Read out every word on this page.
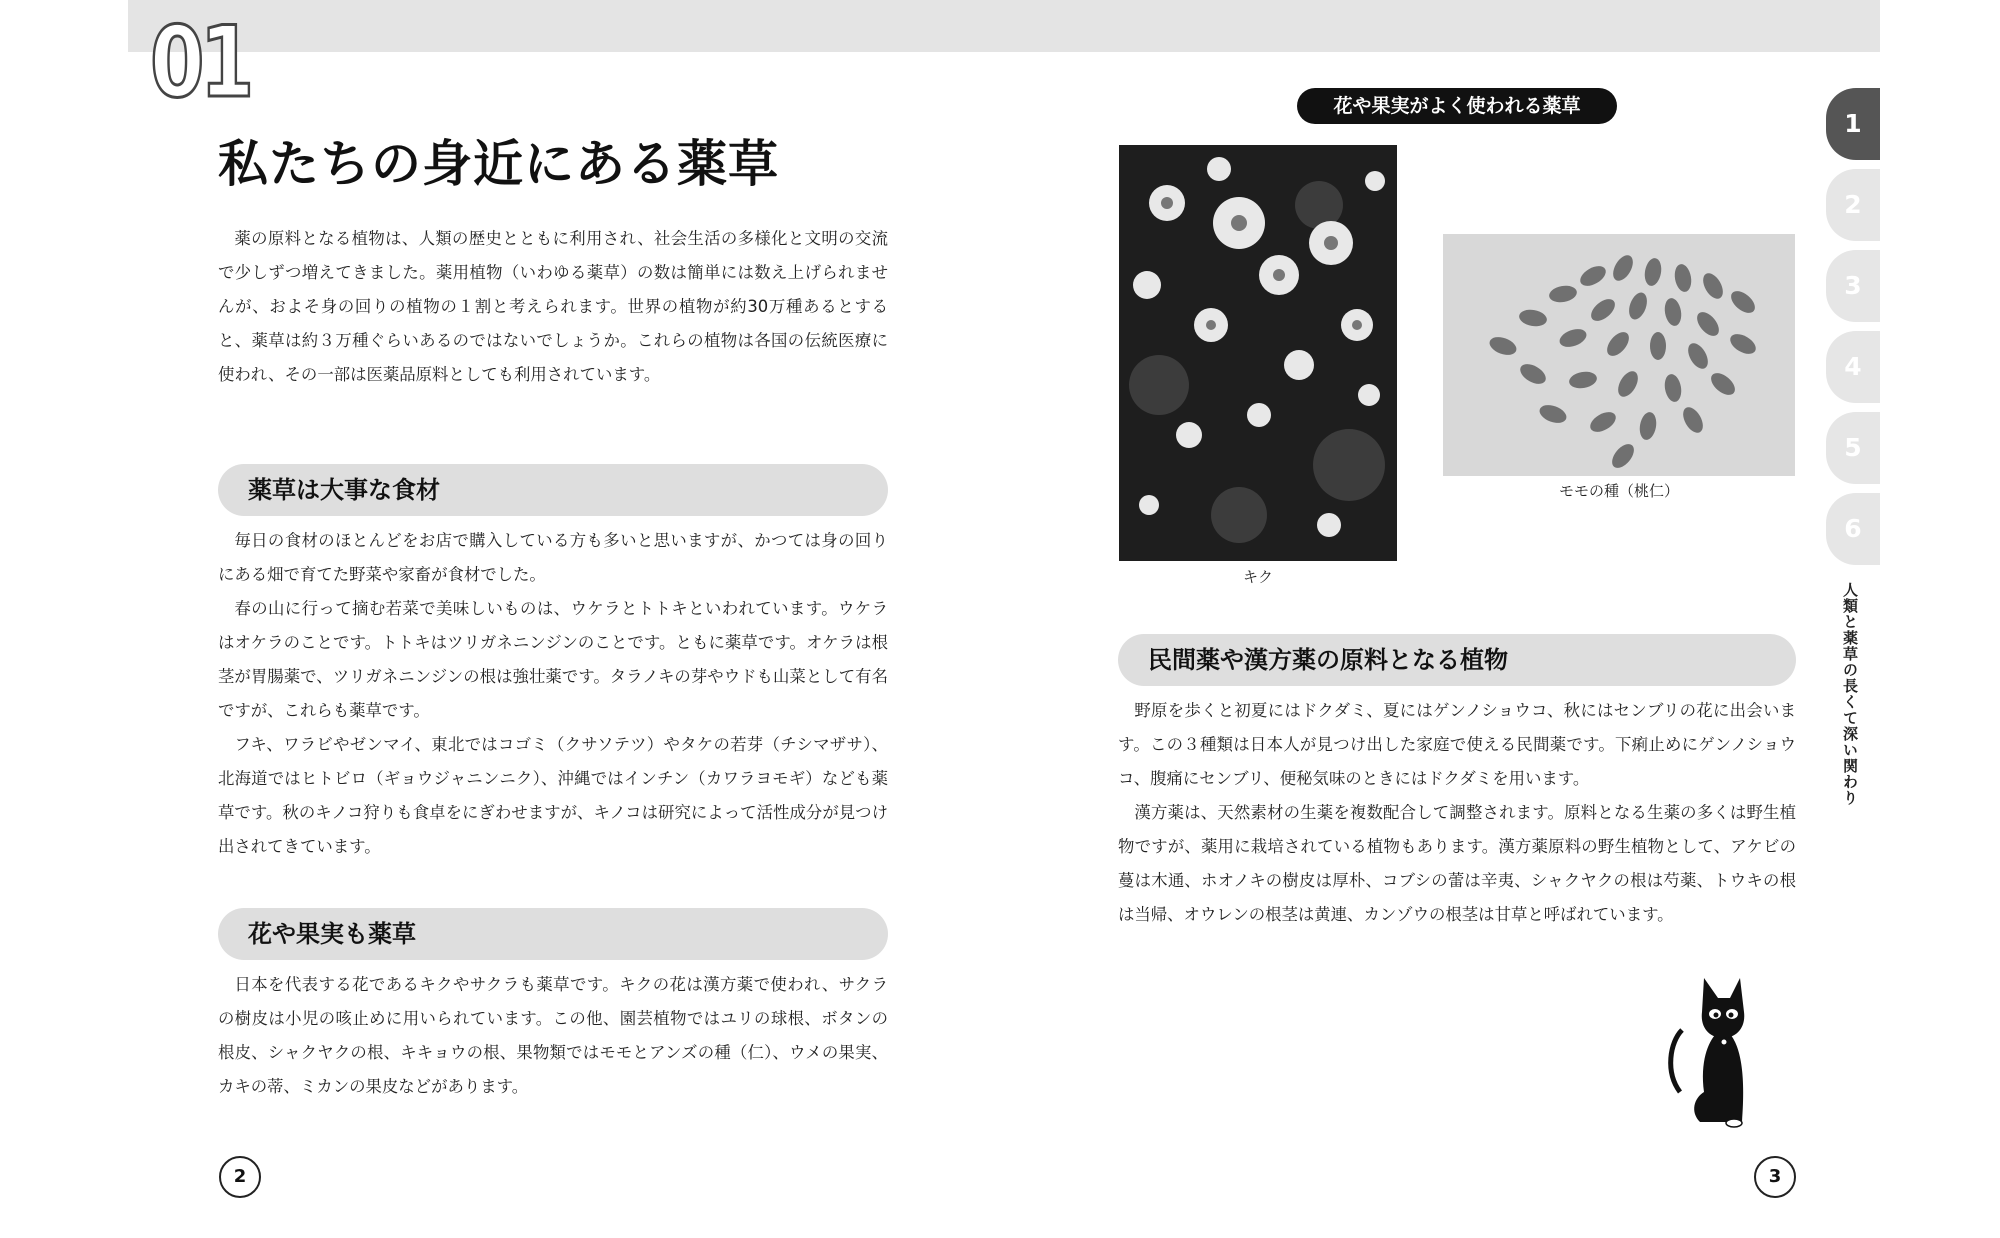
01
私たちの身近にある薬草

薬の原料となる植物は、人類の歴史とともに利用され、社会生活の多様化と文明の交流で少しずつ増えてきました。薬用植物（いわゆる薬草）の数は簡単には数え上げられませんが、およそ身の回りの植物の１割と考えられます。世界の植物が約30万種あるとすると、薬草は約３万種ぐらいあるのではないでしょうか。これらの植物は各国の伝統医療に使われ、その一部は医薬品原料としても利用されています。

薬草は大事な食材

毎日の食材のほとんどをお店で購入している方も多いと思いますが、かつては身の回りにある畑で育てた野菜や家畜が食材でした。

春の山に行って摘む若菜で美味しいものは、ウケラとトトキといわれています。ウケラはオケラのことです。トトキはツリガネニンジンのことです。ともに薬草です。オケラは根茎が胃腸薬で、ツリガネニンジンの根は強壮薬です。タラノキの芽やウドも山菜として有名ですが、これらも薬草です。

フキ、ワラビやゼンマイ、東北ではコゴミ（クサソテツ）やタケの若芽（チシマザサ）、北海道ではヒトビロ（ギョウジャニンニク）、沖縄ではインチン（カワラヨモギ）なども薬草です。秋のキノコ狩りも食卓をにぎわせますが、キノコは研究によって活性成分が見つけ出されてきています。

花や果実も薬草

日本を代表する花であるキクやサクラも薬草です。キクの花は漢方薬で使われ、サクラの樹皮は小児の咳止めに用いられています。この他、園芸植物ではユリの球根、ボタンの根皮、シャクヤクの根、キキョウの根、果物類ではモモとアンズの種（仁）、ウメの果実、カキの蒂、ミカンの果皮などがあります。

2
花や果実がよく使われる薬草
キク
モモの種（桃仁）
民間薬や漢方薬の原料となる植物

野原を歩くと初夏にはドクダミ、夏にはゲンノショウコ、秋にはセンブリの花に出会います。この３種類は日本人が見つけ出した家庭で使える民間薬です。下痢止めにゲンノショウコ、腹痛にセンブリ、便秘気味のときにはドクダミを用います。

漢方薬は、天然素材の生薬を複数配合して調整されます。原料となる生薬の多くは野生植物ですが、薬用に栽培されている植物もあります。漢方薬原料の野生植物として、アケビの蔓は木通、ホオノキの樹皮は厚朴、コブシの蕾は辛夷、シャクヤクの根は芍薬、トウキの根は当帰、オウレンの根茎は黄連、カンゾウの根茎は甘草と呼ばれています。

3
1
2
3
4
5
6
人類と薬草の長くて深い関わり
